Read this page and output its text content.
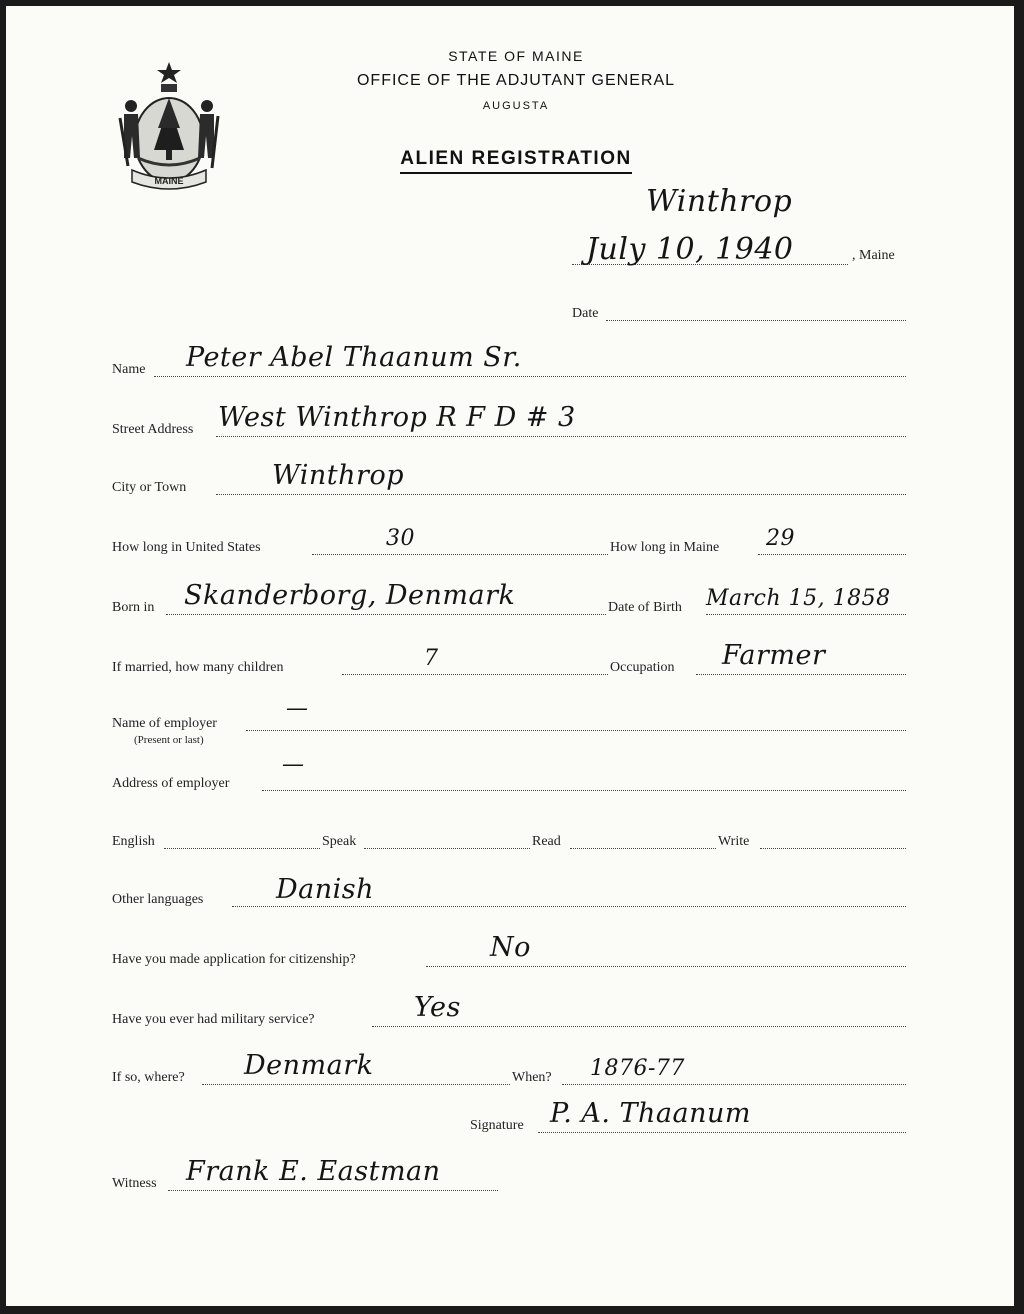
MAINE
STATE OF MAINE
OFFICE OF THE ADJUTANT GENERAL
AUGUSTA
ALIEN REGISTRATION
Winthrop
July 10, 1940	, Maine
Date
Name Peter Abel Thaanum Sr.
Street Address West Winthrop R F D # 3
City or Town	Winthrop
How long in United States	30	How long in Maine 29
Born in Skanderborg, Denmark	Date of Birth March 15, 1858
If married, how many children	7	Occupation Farmer
Name of employer
(Present or last)
—
Address of employer
—
English	Speak	Read	Write
Other languages	Danish
Have you made application for citizenship?	No
Have you ever had military service?	Yes
If so, where? Denmark	When? 1876-77
Signature P. A. Thaanum
Witness Frank E. Eastman
